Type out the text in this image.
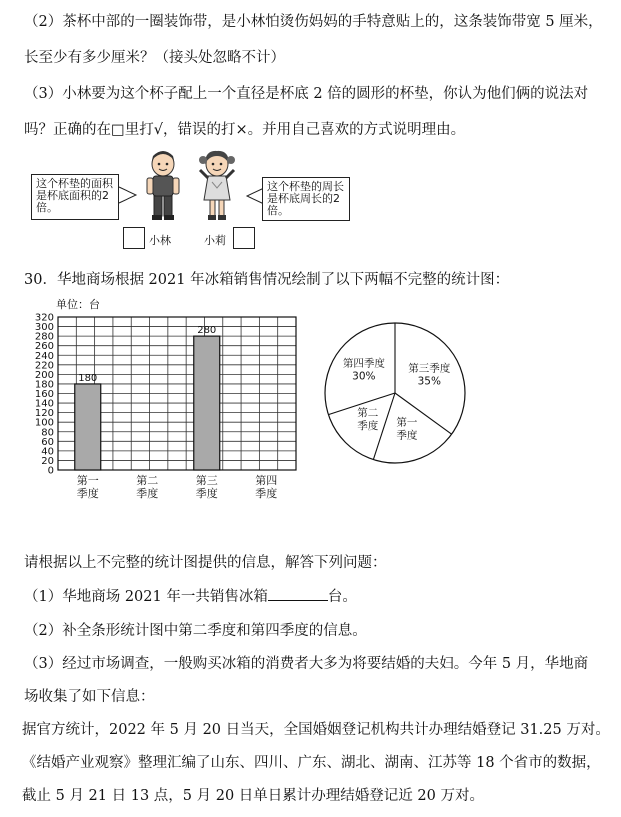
（2）茶杯中部的一圈装饰带，是小林怕烫伤妈妈的手特意贴上的，这条装饰带宽 5 厘米，
长至少有多少厘米？（接头处忽略不计）
（3）小林要为这个杯子配上一个直径是杯底 2 倍的圆形的杯垫，你认为他们俩的说法对
吗？正确的在□里打√，错误的打×。并用自己喜欢的方式说明理由。
这个杯垫的面积
是杯底面积的2
倍。
这个杯垫的周长
是杯底周长的2
倍。
小林	小莉
30．华地商场根据 2021 年冰箱销售情况绘制了以下两幅不完整的统计图：
单位：台
0
20
40
60
80
100
120
140
160
180
200
220
240
260
280
300
320
180
第一
季度
第二
季度
280
第三
季度
第四
季度
第四季度
30%
第三季度
35%
第一
季度
第二
季度
请根据以上不完整的统计图提供的信息，解答下列问题：
（1）华地商场 2021 年一共销售冰箱	台。
（2）补全条形统计图中第二季度和第四季度的信息。
（3）经过市场调查，一般购买冰箱的消费者大多为将要结婚的夫妇。今年 5 月，华地商
场收集了如下信息：
据官方统计，2022 年 5 月 20 日当天，全国婚姻登记机构共计办理结婚登记 31.25 万对。
《结婚产业观察》整理汇编了山东、四川、广东、湖北、湖南、江苏等 18 个省市的数据，
截止 5 月 21 日 13 点，5 月 20 日单日累计办理结婚登记近 20 万对。
